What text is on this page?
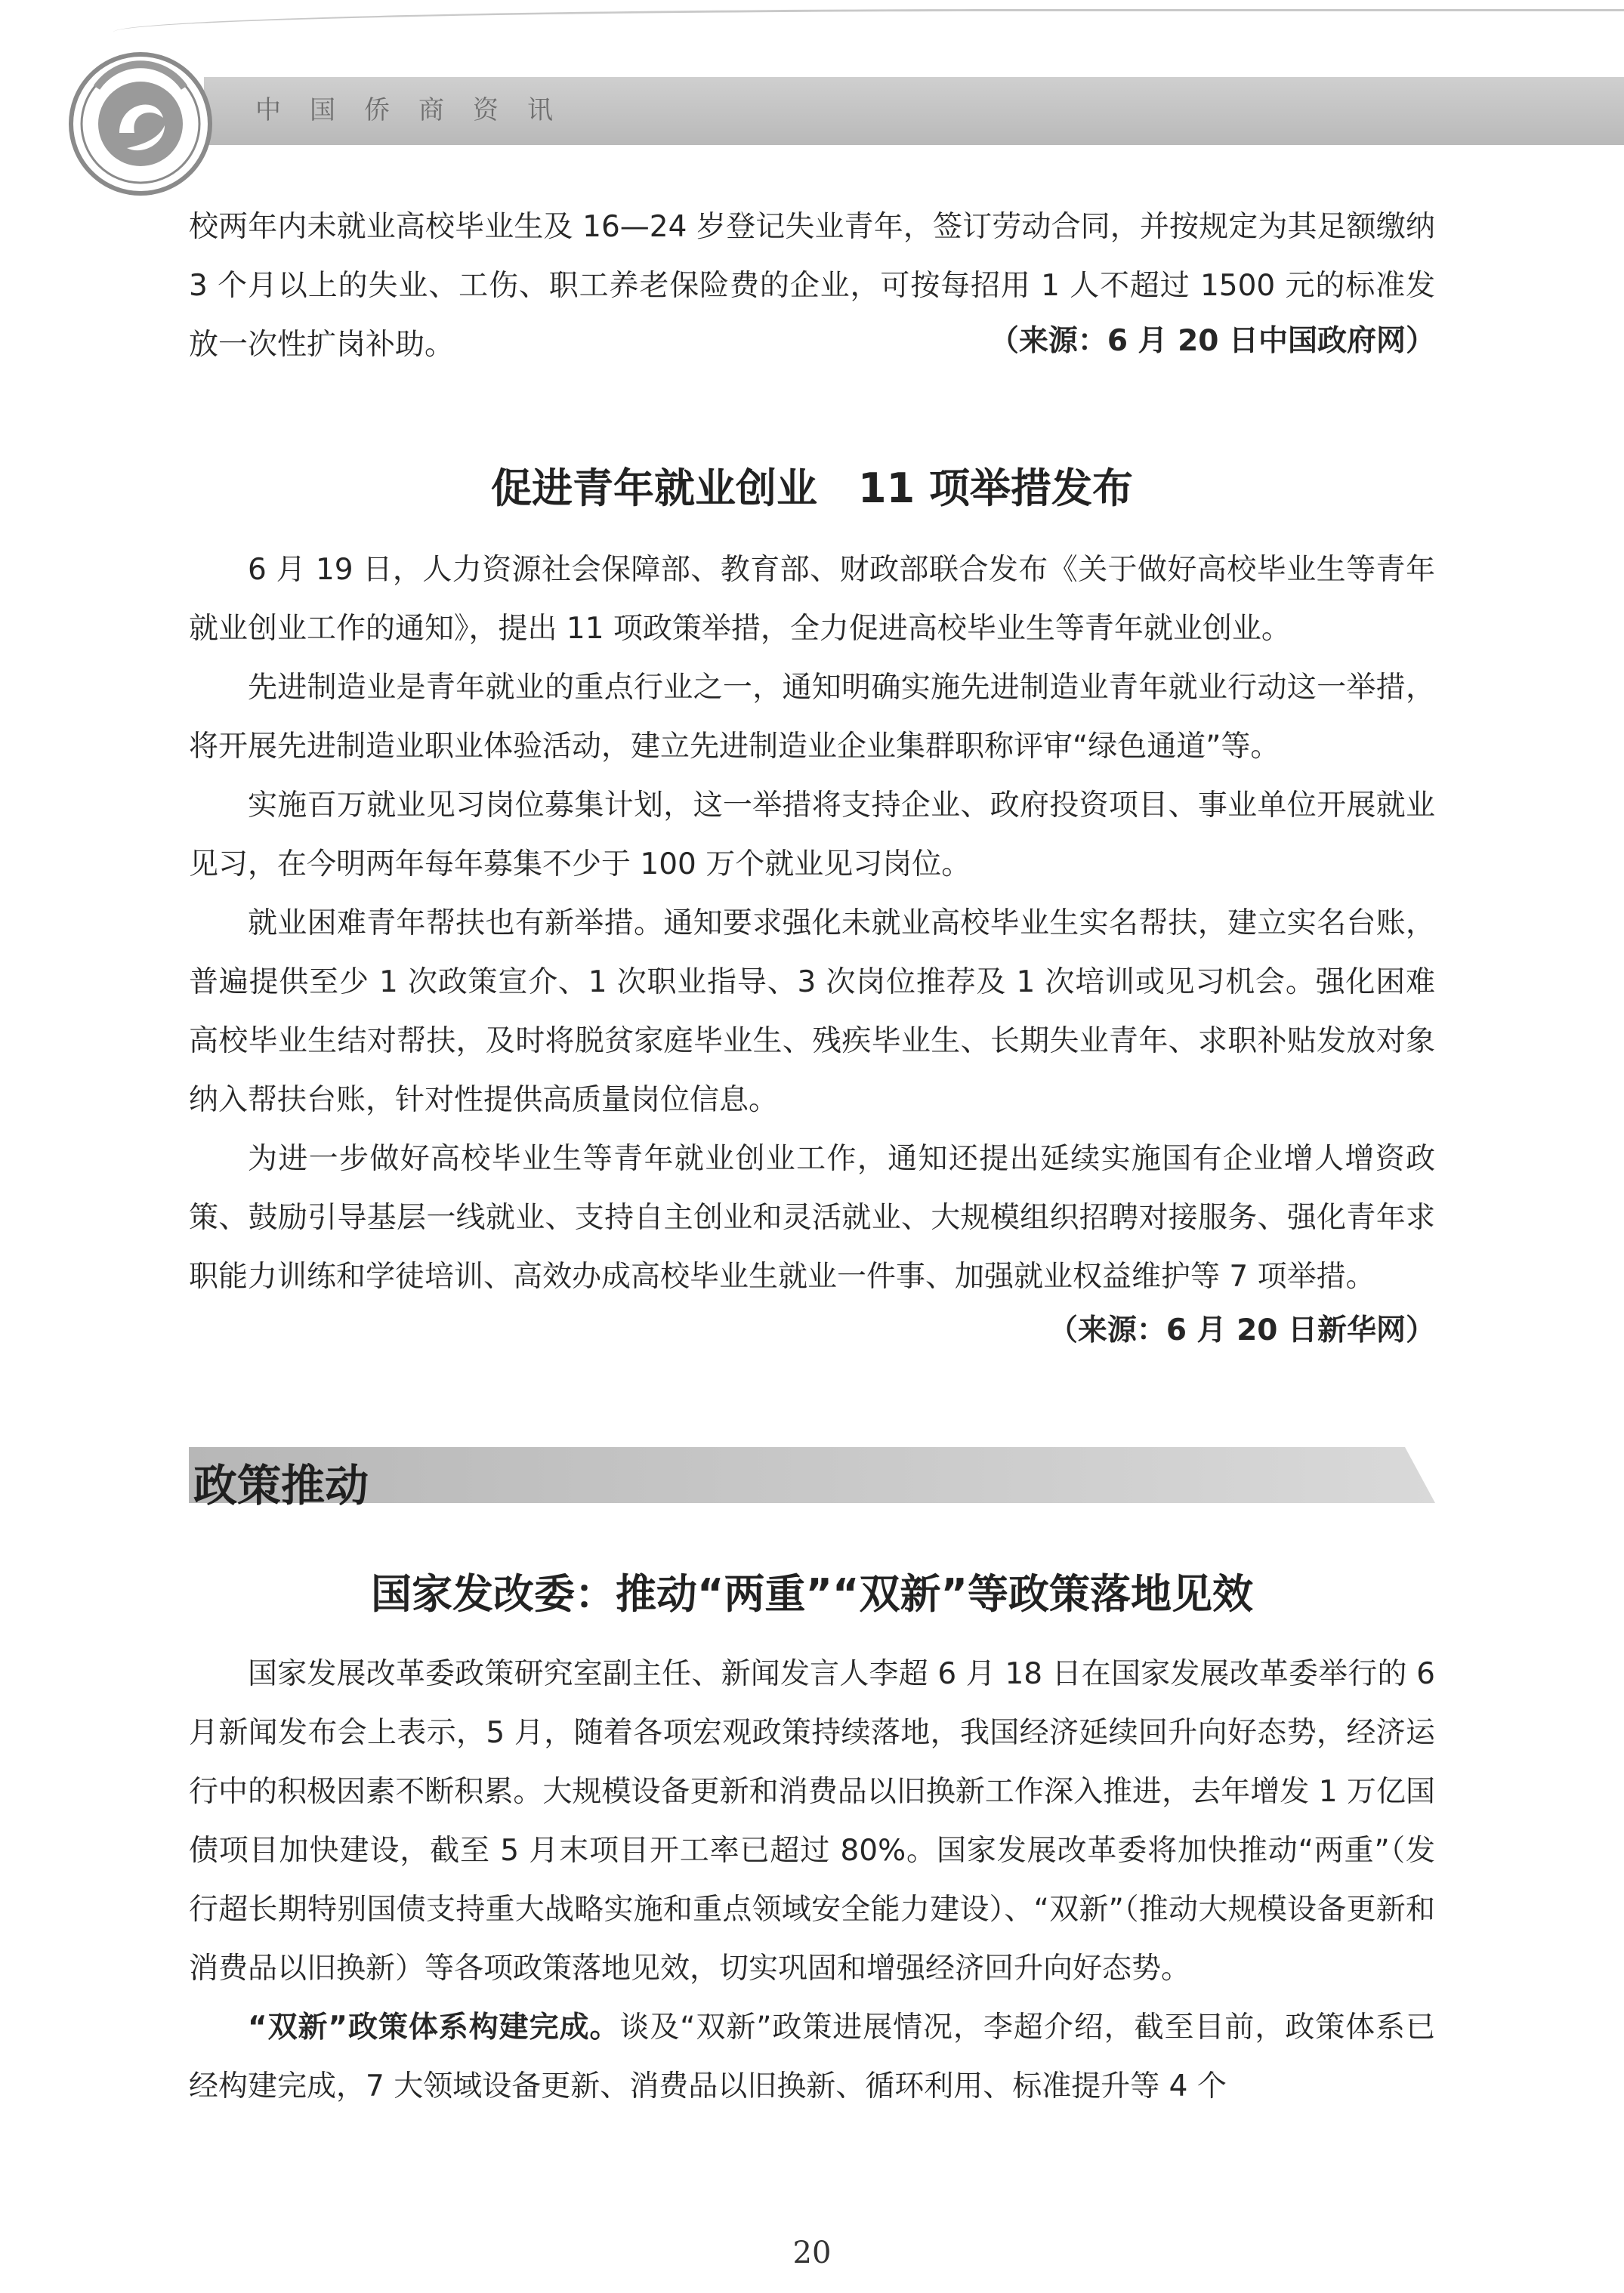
中国侨商资讯

校两年内未就业高校毕业生及 16—24 岁登记失业青年，签订劳动合同，并按规定为其足额缴纳 3 个月以上的失业、工伤、职工养老保险费的企业，可按每招用 1 人不超过 1500 元的标准发放一次性扩岗补助。	（来源：6 月 20 日中国政府网）
促进青年就业创业　11 项举措发布

6 月 19 日，人力资源社会保障部、教育部、财政部联合发布《关于做好高校毕业生等青年就业创业工作的通知》，提出 11 项政策举措，全力促进高校毕业生等青年就业创业。

先进制造业是青年就业的重点行业之一，通知明确实施先进制造业青年就业行动这一举措，将开展先进制造业职业体验活动，建立先进制造业企业集群职称评审“绿色通道”等。

实施百万就业见习岗位募集计划，这一举措将支持企业、政府投资项目、事业单位开展就业见习，在今明两年每年募集不少于 100 万个就业见习岗位。

就业困难青年帮扶也有新举措。通知要求强化未就业高校毕业生实名帮扶，建立实名台账，普遍提供至少 1 次政策宣介、1 次职业指导、3 次岗位推荐及 1 次培训或见习机会。强化困难高校毕业生结对帮扶，及时将脱贫家庭毕业生、残疾毕业生、长期失业青年、求职补贴发放对象纳入帮扶台账，针对性提供高质量岗位信息。

为进一步做好高校毕业生等青年就业创业工作，通知还提出延续实施国有企业增人增资政策、鼓励引导基层一线就业、支持自主创业和灵活就业、大规模组织招聘对接服务、强化青年求职能力训练和学徒培训、高效办成高校毕业生就业一件事、加强就业权益维护等 7 项举措。

（来源：6 月 20 日新华网）
政策推动
国家发改委：推动“两重”“双新”等政策落地见效

国家发展改革委政策研究室副主任、新闻发言人李超 6 月 18 日在国家发展改革委举行的 6 月新闻发布会上表示，5 月，随着各项宏观政策持续落地，我国经济延续回升向好态势，经济运行中的积极因素不断积累。大规模设备更新和消费品以旧换新工作深入推进，去年增发 1 万亿国债项目加快建设，截至 5 月末项目开工率已超过 80%。国家发展改革委将加快推动“两重”（发行超长期特别国债支持重大战略实施和重点领域安全能力建设）、“双新”（推动大规模设备更新和消费品以旧换新）等各项政策落地见效，切实巩固和增强经济回升向好态势。

“双新”政策体系构建完成。谈及“双新”政策进展情况，李超介绍，截至目前，政策体系已经构建完成，7 大领域设备更新、消费品以旧换新、循环利用、标准提升等 4 个

20
